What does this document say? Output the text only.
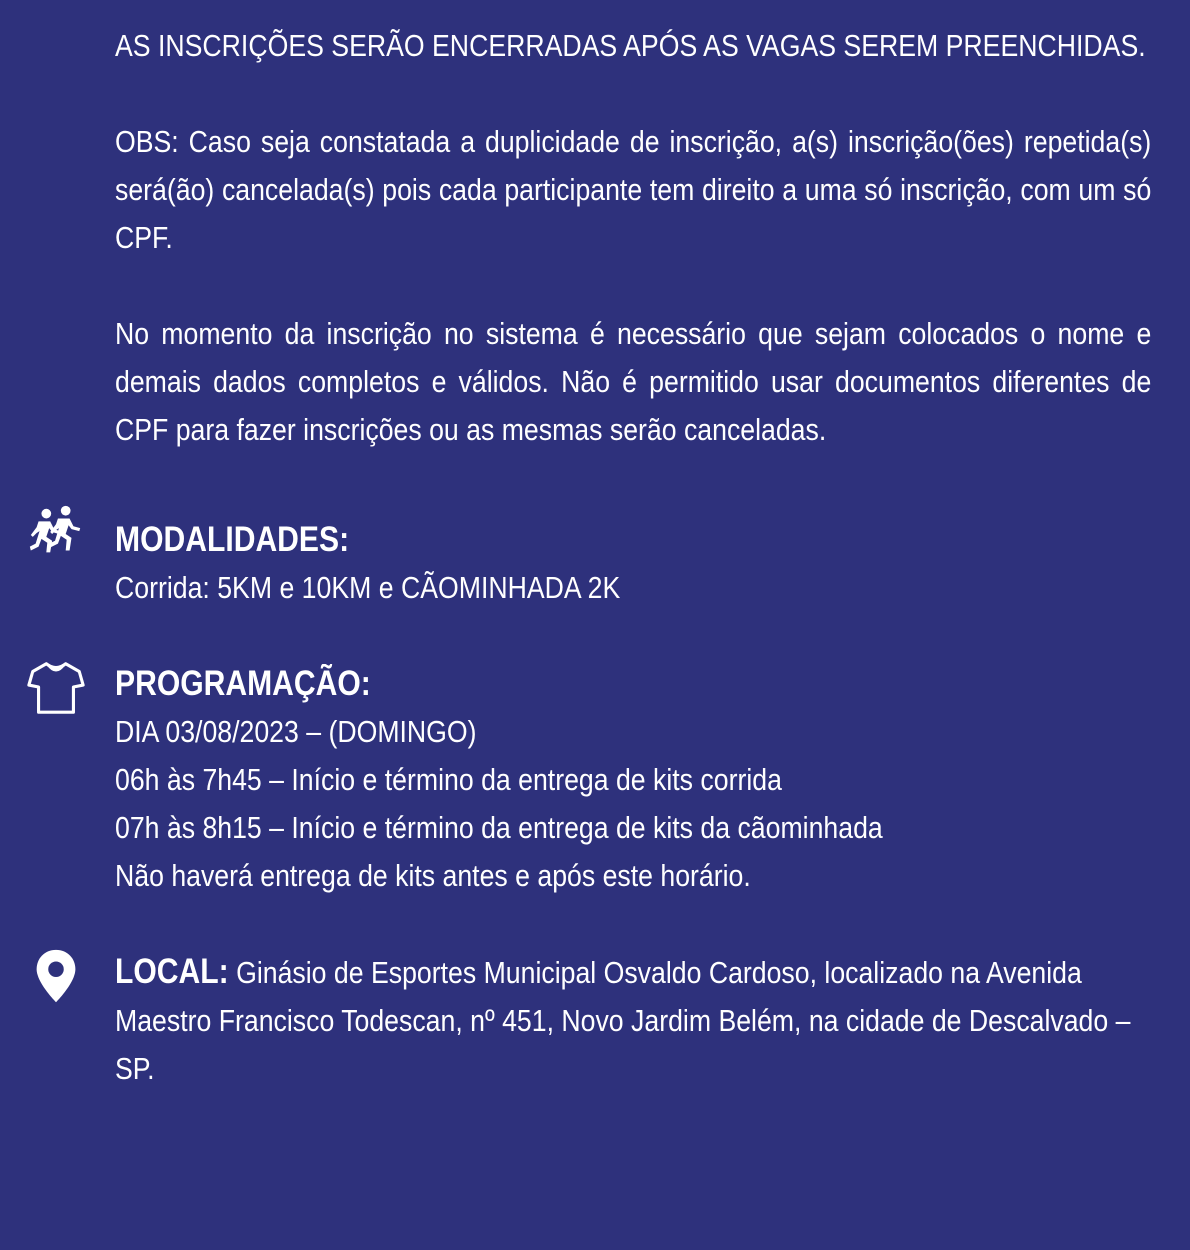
AS INSCRIÇÕES SERÃO ENCERRADAS APÓS AS VAGAS SEREM PREENCHIDAS.

OBS: Caso seja constatada a duplicidade de inscrição, a(s) inscrição(ões) repetida(s) será(ão) cancelada(s) pois cada participante tem direito a uma só inscrição, com um só CPF.

No momento da inscrição no sistema é necessário que sejam colocados o nome e demais dados completos e válidos. Não é permitido usar documentos diferentes de CPF para fazer inscrições ou as mesmas serão canceladas.

MODALIDADES:
Corrida: 5KM e 10KM e CÃOMINHADA 2K
PROGRAMAÇÃO:
DIA 03/08/2023 – (DOMINGO)
06h às 7h45 – Início e término da entrega de kits corrida
07h às 8h15 – Início e término da entrega de kits da cãominhada
Não haverá entrega de kits antes e após este horário.

LOCAL: Ginásio de Esportes Municipal Osvaldo Cardoso, localizado na Avenida Maestro Francisco Todescan, nº 451, Novo Jardim Belém, na cidade de Descalvado – SP.
